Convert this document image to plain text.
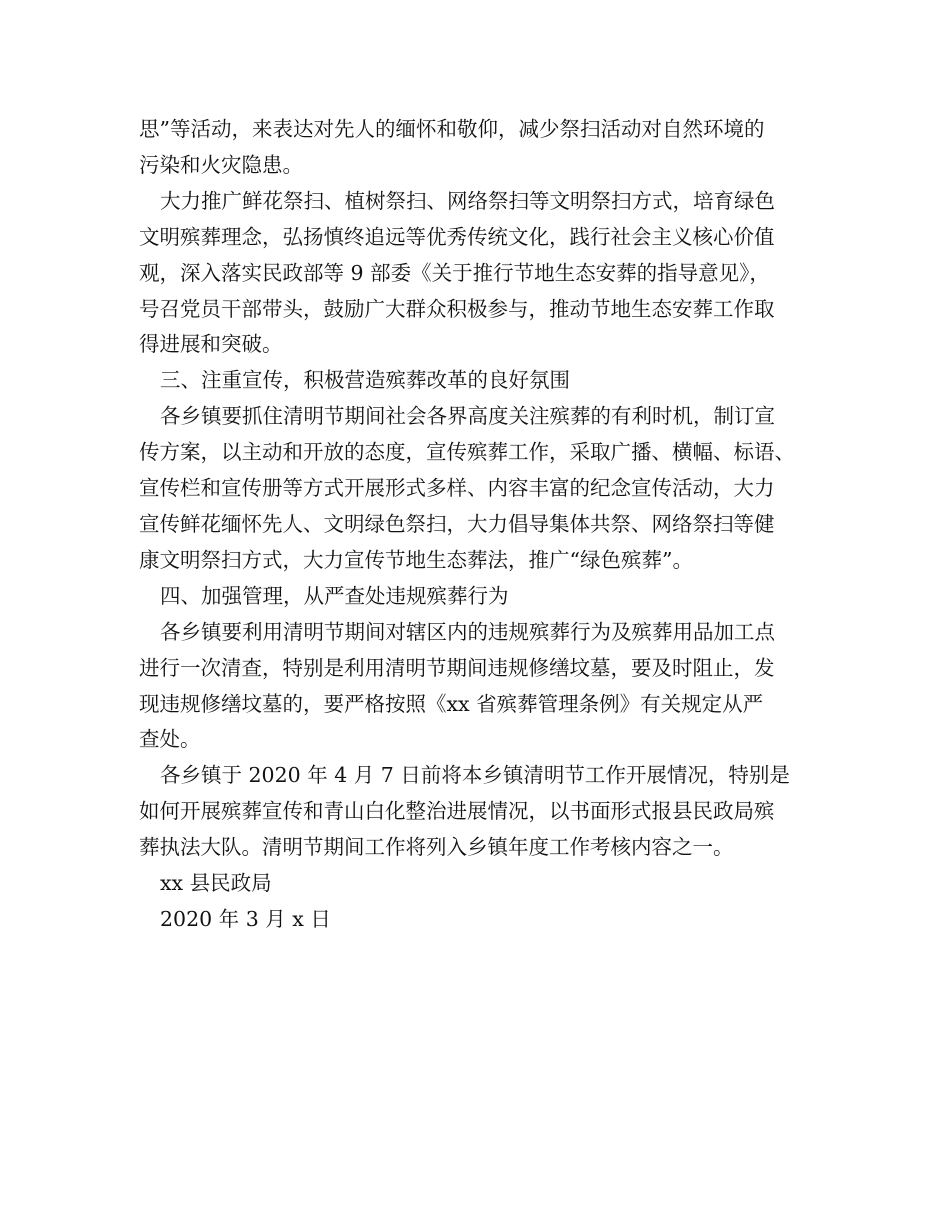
思”等活动，来表达对先人的缅怀和敬仰，减少祭扫活动对自然环境的
污染和火灾隐患。

大力推广鲜花祭扫、植树祭扫、网络祭扫等文明祭扫方式，培育绿色
文明殡葬理念，弘扬慎终追远等优秀传统文化，践行社会主义核心价值
观，深入落实民政部等 9 部委《关于推行节地生态安葬的指导意见》，
号召党员干部带头，鼓励广大群众积极参与，推动节地生态安葬工作取
得进展和突破。

三、注重宣传，积极营造殡葬改革的良好氛围

各乡镇要抓住清明节期间社会各界高度关注殡葬的有利时机，制订宣
传方案，以主动和开放的态度，宣传殡葬工作，采取广播、横幅、标语、
宣传栏和宣传册等方式开展形式多样、内容丰富的纪念宣传活动，大力
宣传鲜花缅怀先人、文明绿色祭扫，大力倡导集体共祭、网络祭扫等健
康文明祭扫方式，大力宣传节地生态葬法，推广“绿色殡葬”。

四、加强管理，从严查处违规殡葬行为

各乡镇要利用清明节期间对辖区内的违规殡葬行为及殡葬用品加工点
进行一次清查，特别是利用清明节期间违规修缮坟墓，要及时阻止，发
现违规修缮坟墓的，要严格按照《xx 省殡葬管理条例》有关规定从严
查处。

各乡镇于 2020 年 4 月 7 日前将本乡镇清明节工作开展情况，特别是
如何开展殡葬宣传和青山白化整治进展情况，以书面形式报县民政局殡
葬执法大队。清明节期间工作将列入乡镇年度工作考核内容之一。

xx 县民政局

2020 年 3 月 x 日
